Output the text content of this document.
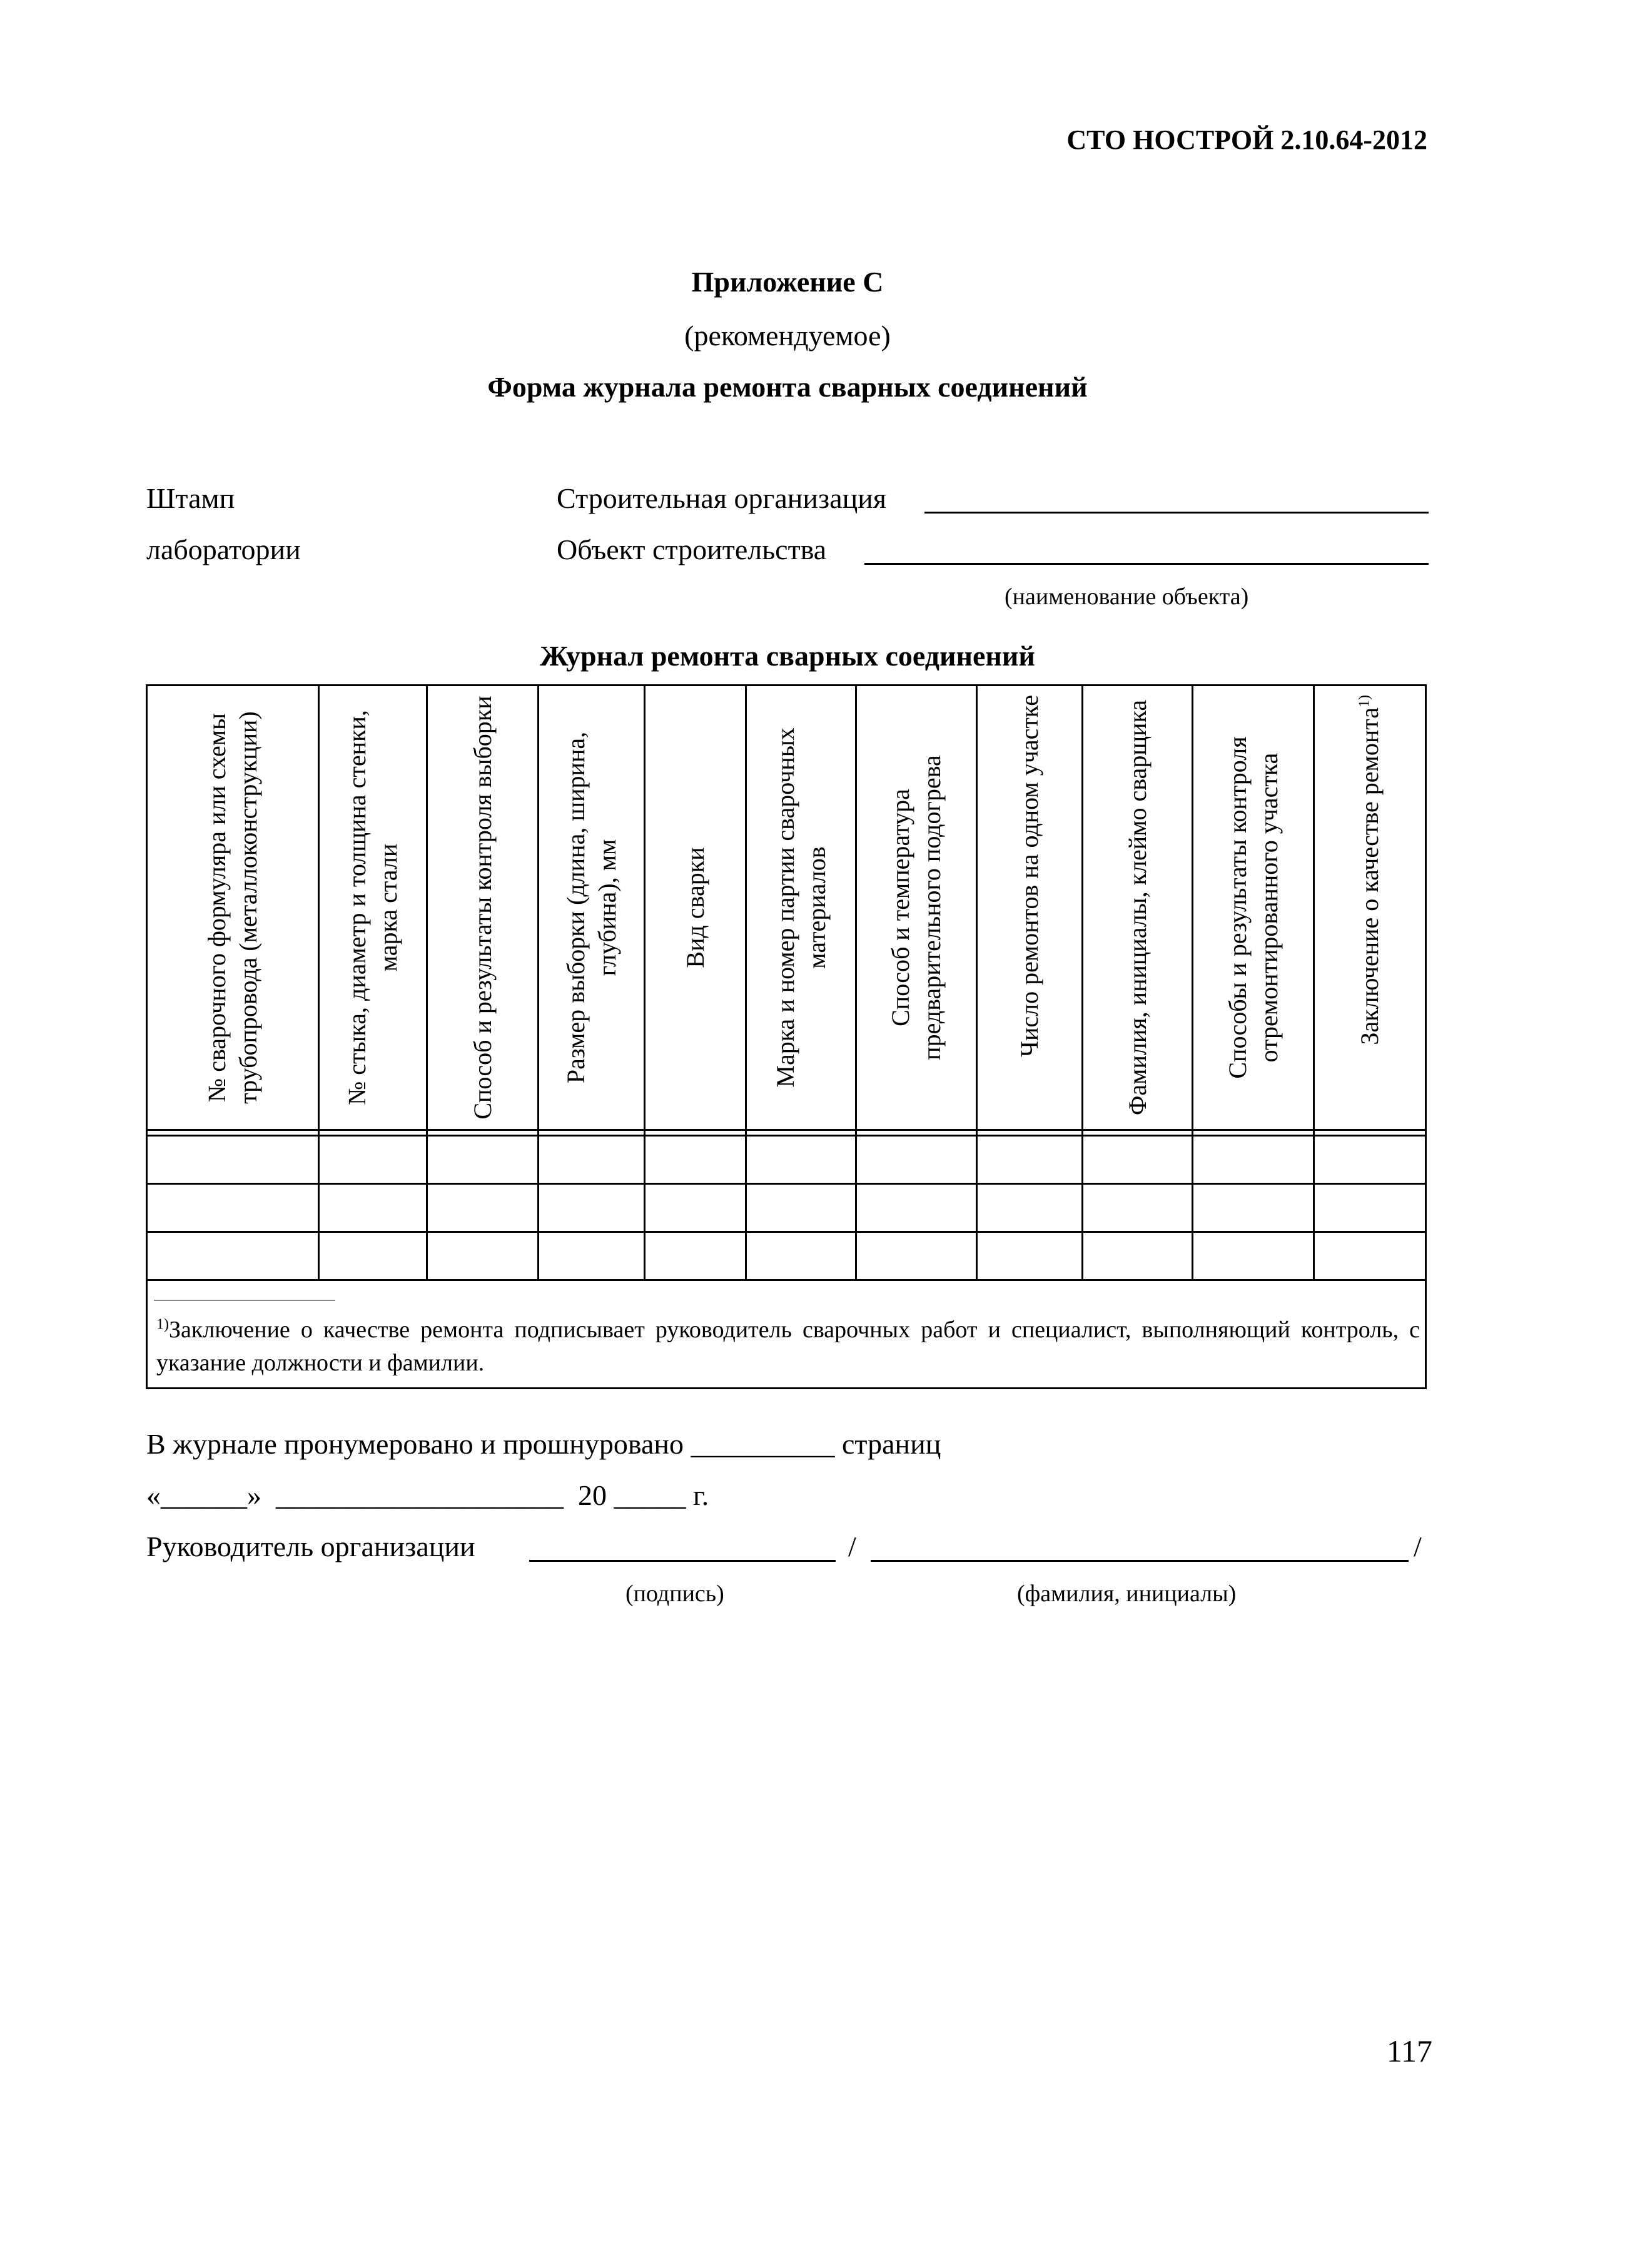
СТО НОСТРОЙ 2.10.64-2012
Приложение С
(рекомендуемое)
Форма журнала ремонта сварных соединений
Штамп
лаборатории
Строительная организация
Объект строительства
(наименование объекта)
Журнал ремонта сварных соединений
№ сварочного формуляра или схемы трубопровода (металлоконструкции)	№ стыка, диаметр и толщина стенки, марка стали	Способ и результаты контроля выборки	Размер выборки (длина, ширина, глубина), мм	Вид сварки	Марка и номер партии сварочных материалов	Способ и температура предварительного подогрева	Число ремонтов на одном участке	Фамилия, инициалы, клеймо сварщика	Способы и результаты контроля отремонтированного участка	Заключение о качестве ремонта$^{1)}$

$^{1)}$Заключение о качестве ремонта подписывает руководитель сварочных работ и специалист, выполняющий контроль, с указание должности и фамилии.
В журнале пронумеровано и прошнуровано __________ страниц
«______» ____________________ 20 _____ г.
Руководитель организации	/	/
(подпись)	(фамилия, инициалы)
117
